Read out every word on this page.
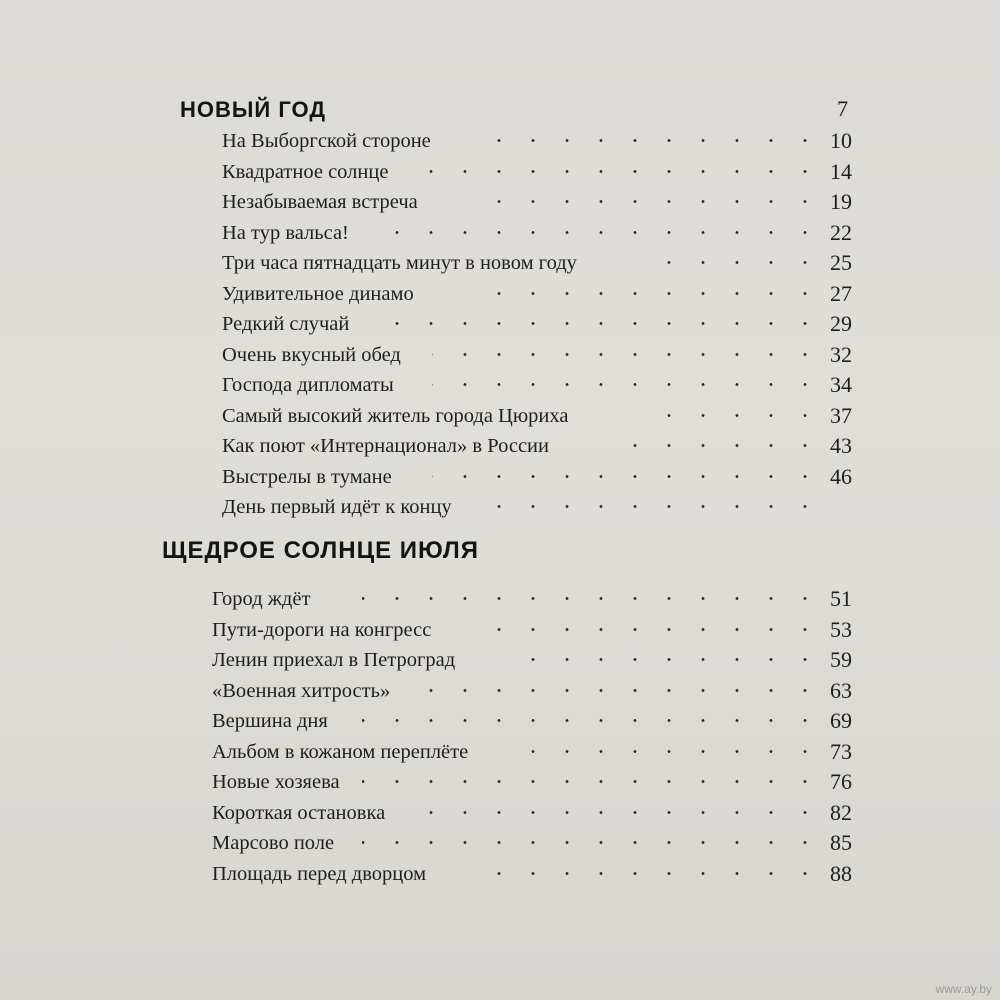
НОВЫЙ ГОД	7
На Выборгской стороне	10
Квадратное солнце	14
Незабываемая встреча	19
На тур вальса!	22
Три часа пятнадцать минут в новом году	25
Удивительное динамо	27
Редкий случай	29
Очень вкусный обед	32
Господа дипломаты	34
Самый высокий житель города Цюриха	37
Как поют «Интернационал» в России	43
Выстрелы в тумане	46
День первый идёт к концу
ЩЕДРОЕ СОЛНЦЕ ИЮЛЯ
Город ждёт	51
Пути-дороги на конгресс	53
Ленин приехал в Петроград	59
«Военная хитрость»	63
Вершина дня	69
Альбом в кожаном переплёте	73
Новые хозяева	76
Короткая остановка	82
Марсово поле	85
Площадь перед дворцом	88
www.ay.by
